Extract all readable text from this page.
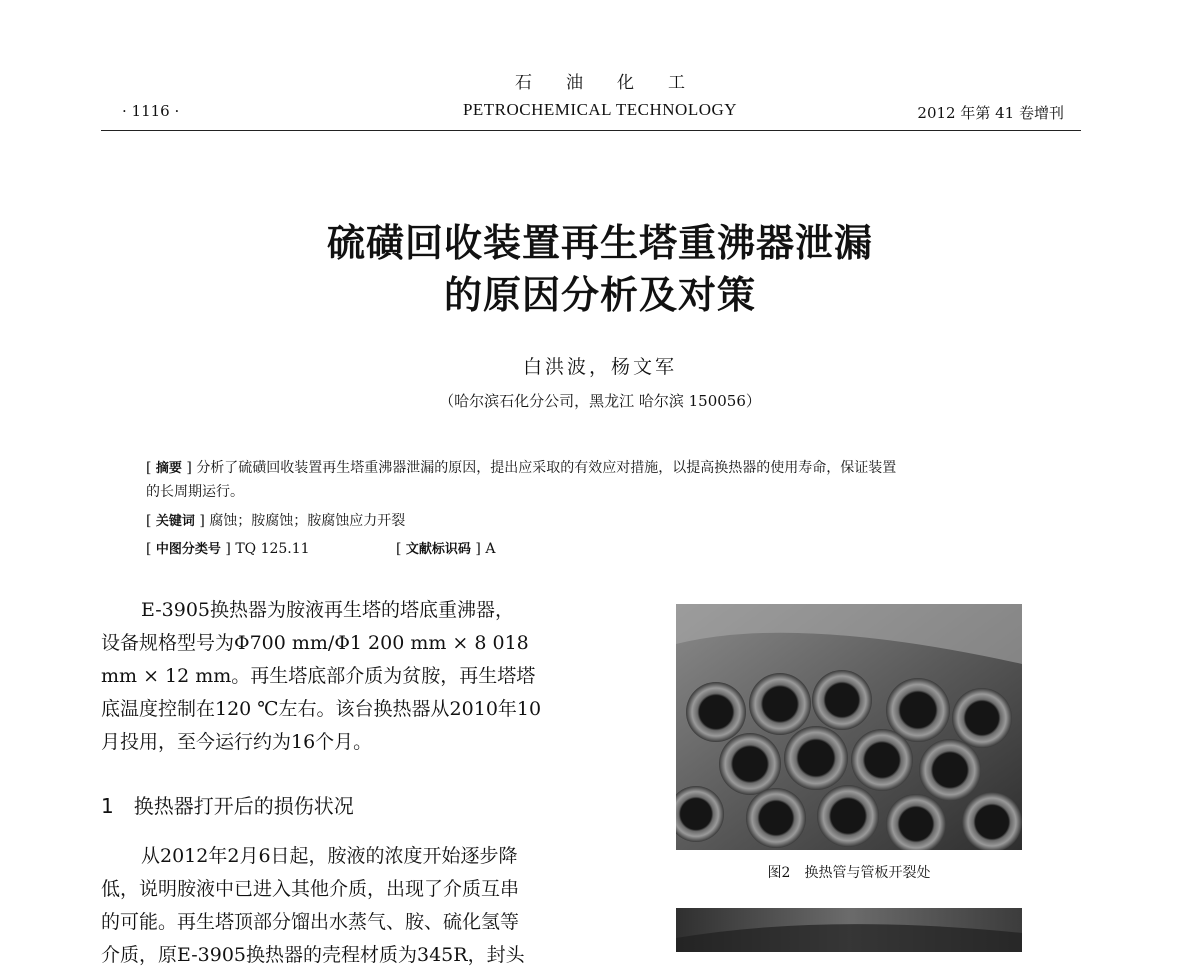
石油化工
· 1116 ·	PETROCHEMICAL TECHNOLOGY	2012 年第 41 卷增刊
硫磺回收装置再生塔重沸器泄漏
的原因分析及对策
白洪波，杨文军
（哈尔滨石化分公司，黑龙江 哈尔滨 150056）
[ 摘要 ] 分析了硫磺回收装置再生塔重沸器泄漏的原因，提出应采取的有效应对措施，以提高换热器的使用寿命，保证装置
的长周期运行。
[ 关键词 ] 腐蚀；胺腐蚀；胺腐蚀应力开裂
[ 中图分类号 ] TQ 125.11	[ 文献标识码 ] A
E-3905换热器为胺液再生塔的塔底重沸器，
设备规格型号为Φ700 mm/Φ1 200 mm × 8 018
mm × 12 mm。再生塔底部介质为贫胺，再生塔塔
底温度控制在120 ℃左右。该台换热器从2010年10
月投用，至今运行约为16个月。
1　换热器打开后的损伤状况
从2012年2月6日起，胺液的浓度开始逐步降
低，说明胺液中已进入其他介质，出现了介质互串
的可能。再生塔顶部分馏出水蒸气、胺、硫化氢等
介质，原E-3905换热器的壳程材质为345R，封头
图2　换热管与管板开裂处
